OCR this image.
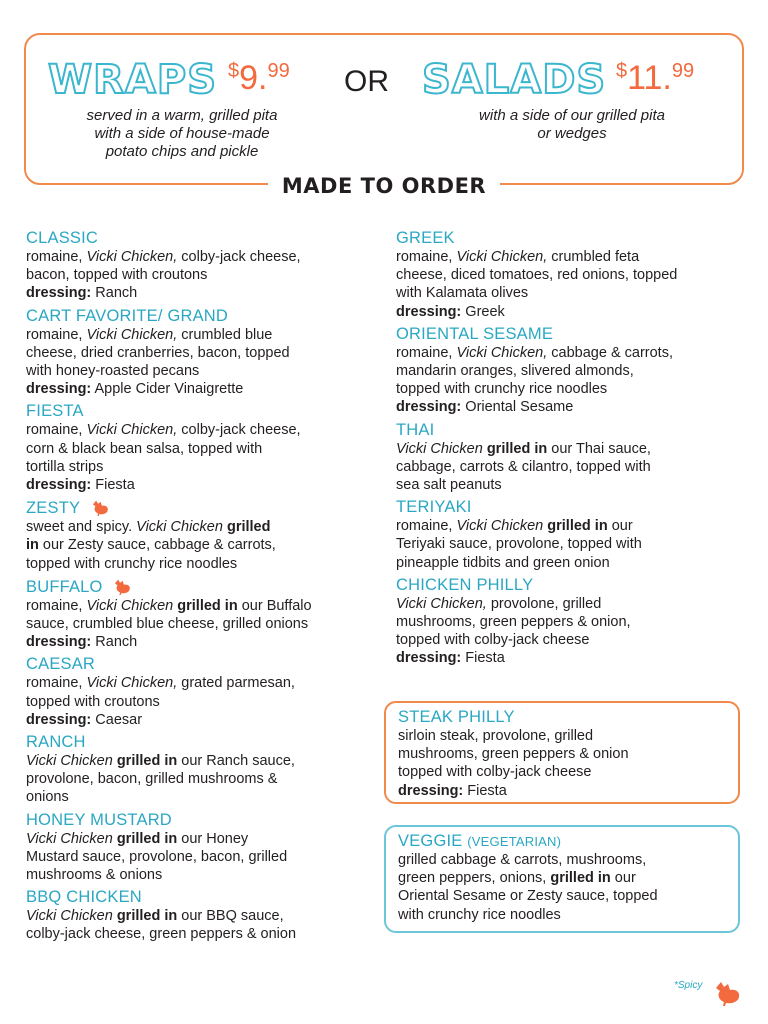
WRAPS $9.99 OR SALADS $11.99
served in a warm, grilled pita
with a side of house-made
potato chips and pickle
with a side of our grilled pita
or wedges
MADE TO ORDER
CLASSIC
romaine, Vicki Chicken, colby-jack cheese,
bacon, topped with croutons
dressing: Ranch
CART FAVORITE/ GRAND
romaine, Vicki Chicken, crumbled blue
cheese, dried cranberries, bacon, topped
with honey-roasted pecans
dressing: Apple Cider Vinaigrette
FIESTA
romaine, Vicki Chicken, colby-jack cheese,
corn & black bean salsa, topped with
tortilla strips
dressing: Fiesta
ZESTY
sweet and spicy. Vicki Chicken grilled
in our Zesty sauce, cabbage & carrots,
topped with crunchy rice noodles
BUFFALO
romaine, Vicki Chicken grilled in our Buffalo
sauce, crumbled blue cheese, grilled onions
dressing: Ranch
CAESAR
romaine, Vicki Chicken, grated parmesan,
topped with croutons
dressing: Caesar
RANCH
Vicki Chicken grilled in our Ranch sauce,
provolone, bacon, grilled mushrooms &
onions
HONEY MUSTARD
Vicki Chicken grilled in our Honey
Mustard sauce, provolone, bacon, grilled
mushrooms & onions
BBQ CHICKEN
Vicki Chicken grilled in our BBQ sauce,
colby-jack cheese, green peppers & onion
GREEK
romaine, Vicki Chicken, crumbled feta
cheese, diced tomatoes, red onions, topped
with Kalamata olives
dressing: Greek
ORIENTAL SESAME
romaine, Vicki Chicken, cabbage & carrots,
mandarin oranges, slivered almonds,
topped with crunchy rice noodles
dressing: Oriental Sesame
THAI
Vicki Chicken grilled in our Thai sauce,
cabbage, carrots & cilantro, topped with
sea salt peanuts
TERIYAKI
romaine, Vicki Chicken grilled in our
Teriyaki sauce, provolone, topped with
pineapple tidbits and green onion
CHICKEN PHILLY
Vicki Chicken, provolone, grilled
mushrooms, green peppers & onion,
topped with colby-jack cheese
dressing: Fiesta
STEAK PHILLY
sirloin steak, provolone, grilled
mushrooms, green peppers & onion
topped with colby-jack cheese
dressing: Fiesta
VEGGIE (VEGETARIAN)
grilled cabbage & carrots, mushrooms,
green peppers, onions, grilled in our
Oriental Sesame or Zesty sauce, topped
with crunchy rice noodles
*Spicy
